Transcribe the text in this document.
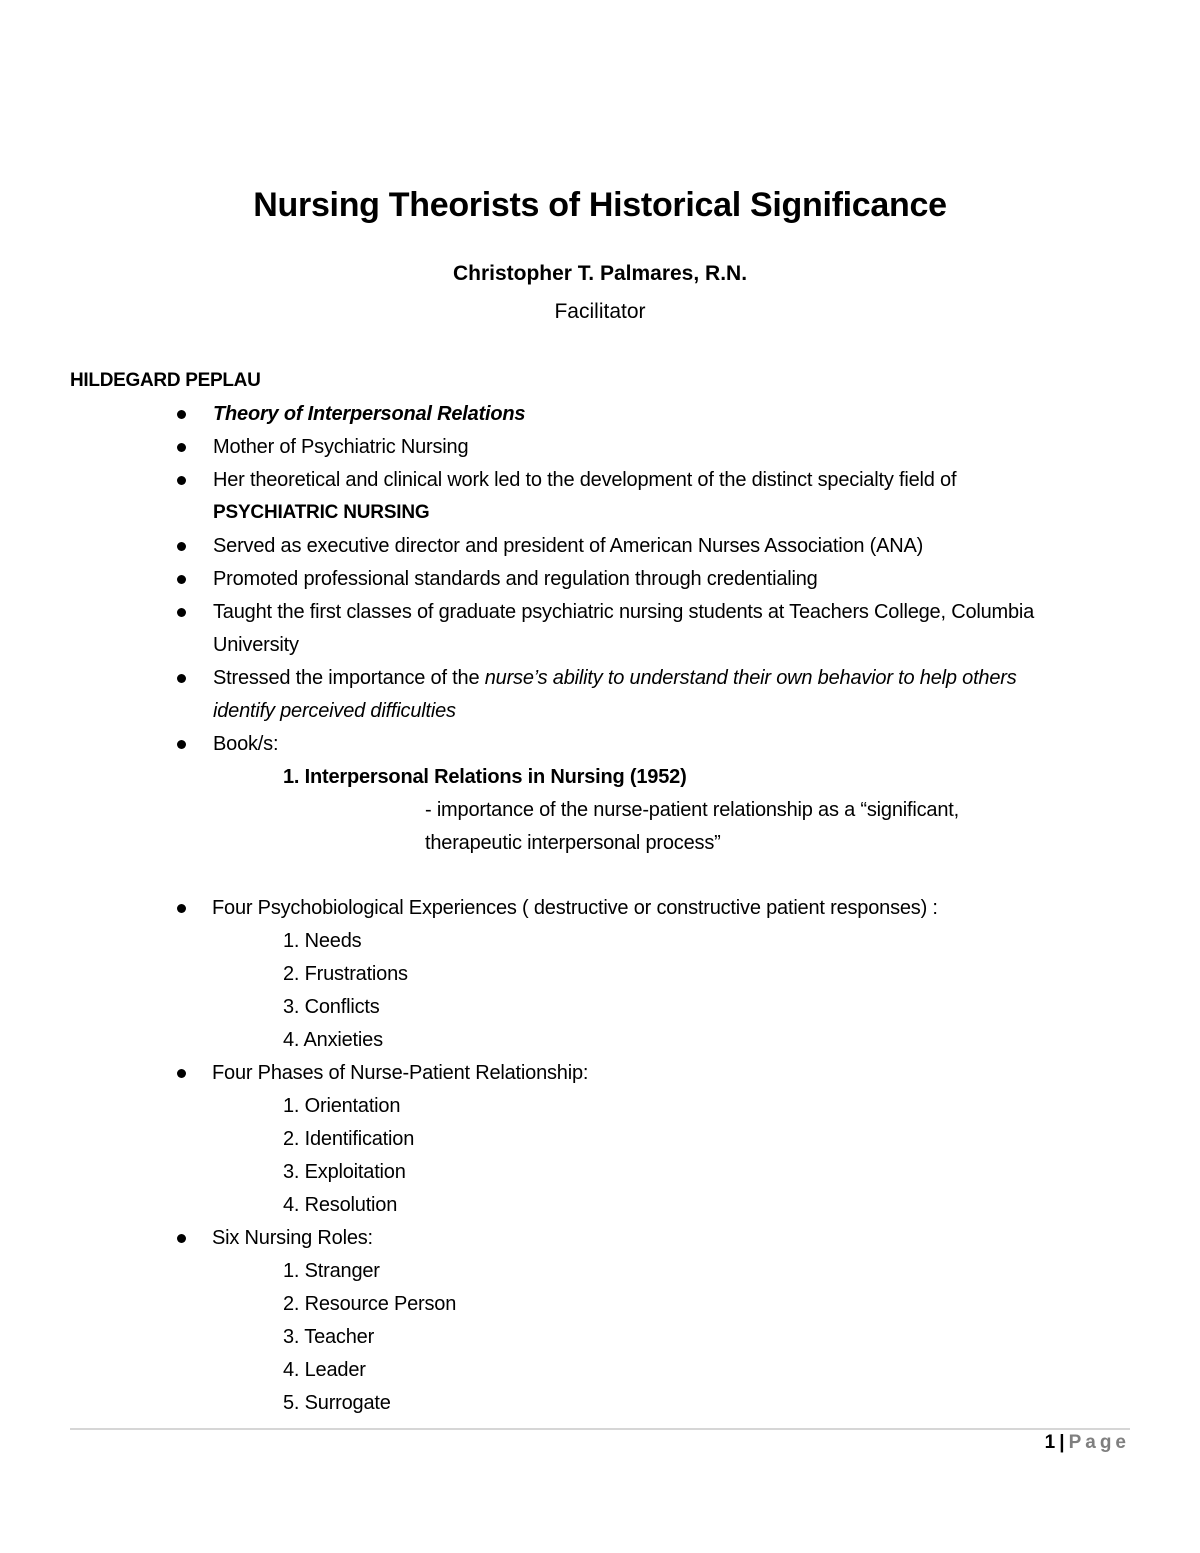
Nursing Theorists of Historical Significance
Christopher T. Palmares, R.N.
Facilitator
HILDEGARD PEPLAU
Theory of Interpersonal Relations
Mother of Psychiatric Nursing
Her theoretical and clinical work led to the development of the distinct specialty field of
PSYCHIATRIC NURSING
Served as executive director and president of American Nurses Association (ANA)
Promoted professional standards and regulation through credentialing
Taught the first classes of graduate psychiatric nursing students at Teachers College, Columbia
University
Stressed the importance of the nurse’s ability to understand their own behavior to help others
identify perceived difficulties
Book/s:
1. Interpersonal Relations in Nursing (1952)
- importance of the nurse-patient relationship as a “significant,
therapeutic interpersonal process”
Four Psychobiological Experiences ( destructive or constructive patient responses) :
1. Needs
2. Frustrations
3. Conflicts
4. Anxieties
Four Phases of Nurse-Patient Relationship:
1. Orientation
2. Identification
3. Exploitation
4. Resolution
Six Nursing Roles:
1. Stranger
2. Resource Person
3. Teacher
4. Leader
5. Surrogate
1 | Page
